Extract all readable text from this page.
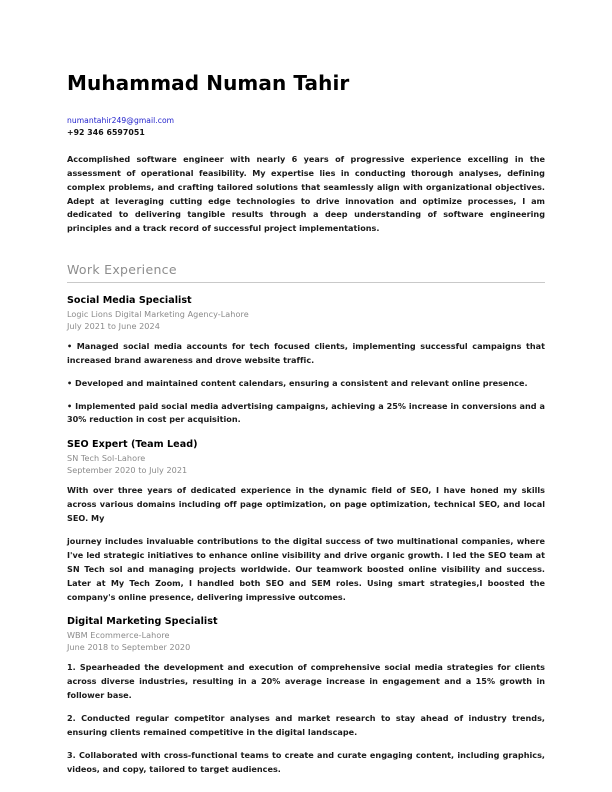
Muhammad Numan Tahir
numantahir249@gmail.com
+92 346 6597051

Accomplished software engineer with nearly 6 years of progressive experience excelling in the assessment of operational feasibility. My expertise lies in conducting thorough analyses, defining complex problems, and crafting tailored solutions that seamlessly align with organizational objectives. Adept at leveraging cutting edge technologies to drive innovation and optimize processes, I am dedicated to delivering tangible results through a deep understanding of software engineering principles and a track record of successful project implementations.

Work Experience
Social Media Specialist
Logic Lions Digital Marketing Agency-Lahore
July 2021 to June 2024

• Managed social media accounts for tech focused clients, implementing successful campaigns that increased brand awareness and drove website traffic.

• Developed and maintained content calendars, ensuring a consistent and relevant online presence.

• Implemented paid social media advertising campaigns, achieving a 25% increase in conversions and a 30% reduction in cost per acquisition.

SEO Expert (Team Lead)
SN Tech Sol-Lahore
September 2020 to July 2021

With over three years of dedicated experience in the dynamic field of SEO, I have honed my skills across various domains including off page optimization, on page optimization, technical SEO, and local SEO. My

journey includes invaluable contributions to the digital success of two multinational companies, where I've led strategic initiatives to enhance online visibility and drive organic growth. I led the SEO team at SN Tech sol and managing projects worldwide. Our teamwork boosted online visibility and success. Later at My Tech Zoom, I handled both SEO and SEM roles. Using smart strategies,I boosted the company's online presence, delivering impressive outcomes.

Digital Marketing Specialist
WBM Ecommerce-Lahore
June 2018 to September 2020

1. Spearheaded the development and execution of comprehensive social media strategies for clients across diverse industries, resulting in a 20% average increase in engagement and a 15% growth in follower base.

2. Conducted regular competitor analyses and market research to stay ahead of industry trends, ensuring clients remained competitive in the digital landscape.

3. Collaborated with cross-functional teams to create and curate engaging content, including graphics, videos, and copy, tailored to target audiences.
